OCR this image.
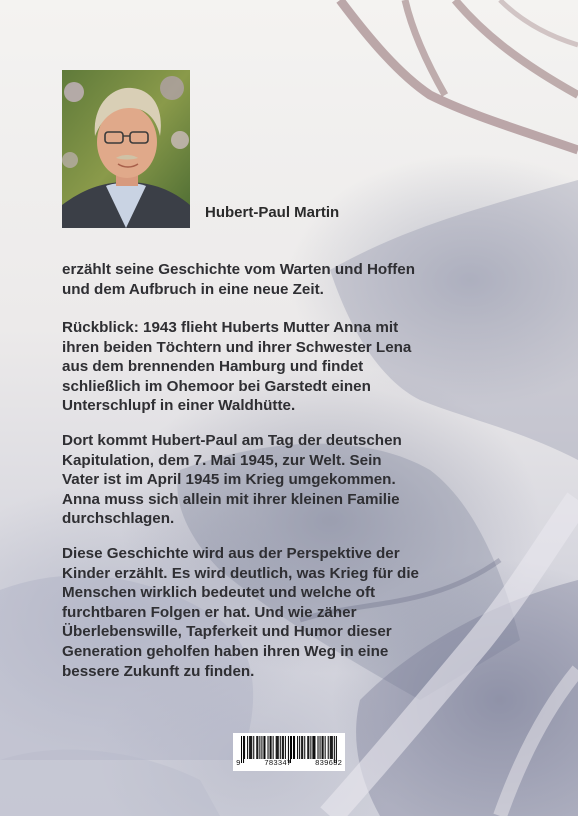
Hubert-Paul Martin
erzählt seine Geschichte vom Warten und Hoffen
und dem Aufbruch in eine neue Zeit.
Rückblick: 1943 flieht Huberts Mutter Anna mit
ihren beiden Töchtern und ihrer Schwester Lena
aus dem brennenden Hamburg und findet
schließlich im Ohemoor bei Garstedt einen
Unterschlupf in einer Waldhütte.
Dort kommt Hubert-Paul am Tag der deutschen
Kapitulation, dem 7. Mai 1945, zur Welt. Sein
Vater ist im April 1945 im Krieg umgekommen.
Anna muss sich allein mit ihrer kleinen Familie
durchschlagen.
Diese Geschichte wird aus der Perspektive der
Kinder erzählt. Es wird deutlich, was Krieg für die
Menschen wirklich bedeutet und welche oft
furchtbaren Folgen er hat. Und wie zäher
Überlebenswille, Tapferkeit und Humor dieser
Generation geholfen haben ihren Weg in eine
bessere Zukunft zu finden.
9	783347	839632
